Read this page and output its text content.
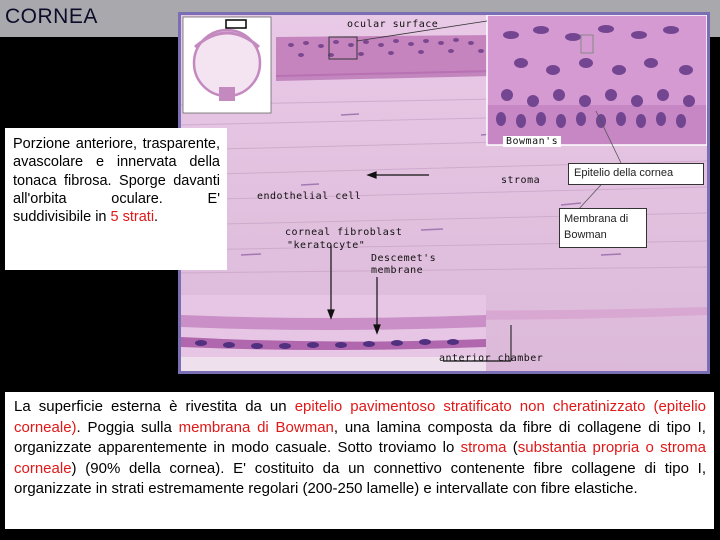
CORNEA	ocular surface
Bowman's
stroma
endothelial cell
corneal fibroblast
"keratocyte"
Descemet's
membrane
anterior chamber
Epitelio della cornea
Membrana di
Bowman
Porzione anteriore, trasparente, avascolare e innervata della tonaca fibrosa. Sporge davanti all'orbita oculare. E' suddivisibile in 5 strati.
La superficie esterna è rivestita da un epitelio pavimentoso stratificato non cheratinizzato (epitelio corneale). Poggia sulla membrana di Bowman, una lamina composta da fibre di collagene di tipo I, organizzate apparentemente in modo casuale. Sotto troviamo lo stroma (substantia propria o stroma corneale) (90% della cornea). E' costituito da un connettivo contenente fibre collagene di tipo I, organizzate in strati estremamente regolari (200-250 lamelle) e intervallate con fibre elastiche.
